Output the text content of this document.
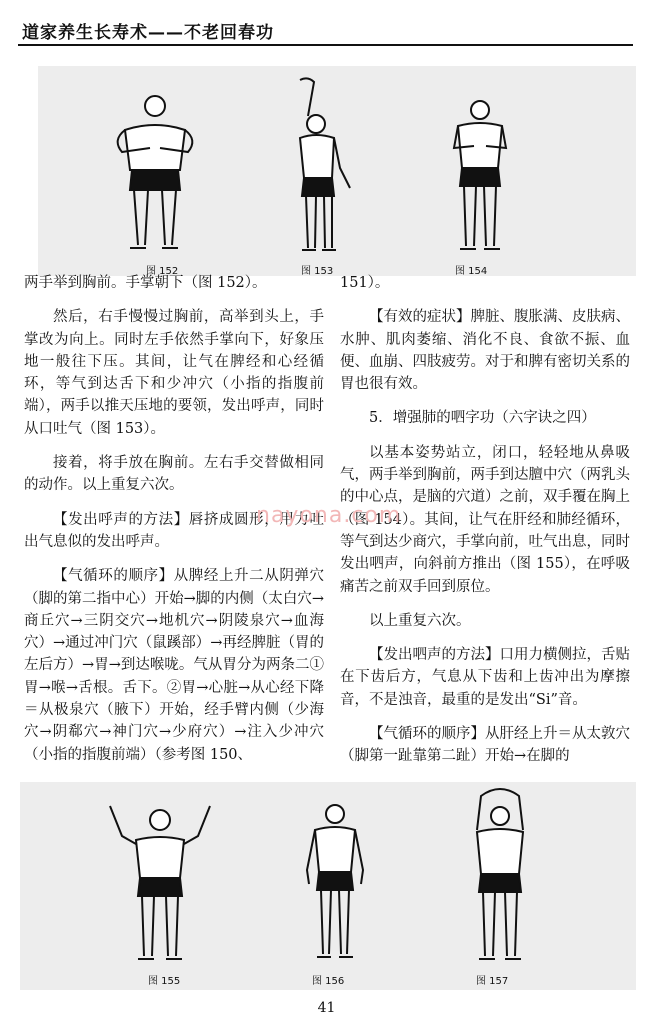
道家养生长寿术——不老回春功
图 152	图 153	图 154

两手举到胸前。手掌朝下（图 152）。

然后，右手慢慢过胸前，高举到头上，手掌改为向上。同时左手依然手掌向下，好象压地一般往下压。其间，让气在脾经和心经循环，等气到达舌下和少冲穴（小指的指腹前端），两手以推天压地的要领，发出呼声，同时从口吐气（图 153）。

接着，将手放在胸前。左右手交替做相同的动作。以上重复六次。

【发出呼声的方法】唇挤成圆形，用力吐出气息似的发出呼声。

【气循环的顺序】从脾经上升二从阴弹穴（脚的第二指中心）开始→脚的内侧（太白穴→商丘穴→三阴交穴→地机穴→阴陵泉穴→血海穴）→通过冲门穴（鼠蹊部）→再经脾脏（胃的左后方）→胃→到达喉咙。气从胃分为两条二①胃→喉→舌根。舌下。②胃→心脏→从心经下降＝从极泉穴（腋下）开始，经手臂内侧（少海穴→阴郗穴→神门穴→少府穴）→注入少冲穴（小指的指腹前端）（参考图 150、

151）。

【有效的症状】脾脏、腹胀满、皮肤病、水肿、肌肉萎缩、消化不良、食欲不振、血便、血崩、四肢疲劳。对于和脾有密切关系的胃也很有效。

5．增强肺的呬字功（六字诀之四）

以基本姿势站立，闭口，轻轻地从鼻吸气，两手举到胸前，两手到达膻中穴（两乳头的中心点，是脑的穴道）之前，双手覆在胸上（图 154）。其间，让气在肝经和肺经循环，等气到达少商穴，手掌向前，吐气出息，同时发出呬声，向斜前方推出（图 155），在呼吸痛苦之前双手回到原位。

以上重复六次。

【发出呬声的方法】口用力横侧拉，舌贴在下齿后方，气息从下齿和上齿冲出为摩擦音，不是浊音，最重的是发出“Si”音。

【气循环的顺序】从肝经上升＝从太敦穴（脚第一趾靠第二趾）开始→在脚的

nayona.com
图 155	图 156	图 157
41
